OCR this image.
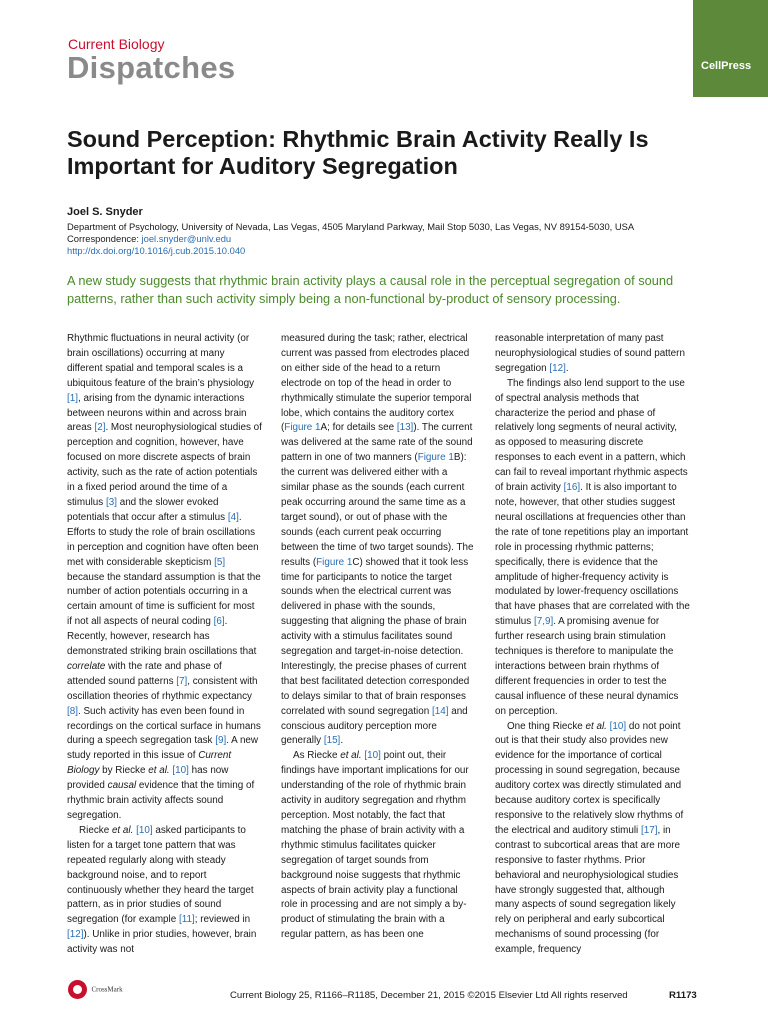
Current Biology
Dispatches	CellPress
Sound Perception: Rhythmic Brain Activity Really Is Important for Auditory Segregation
Joel S. Snyder
Department of Psychology, University of Nevada, Las Vegas, 4505 Maryland Parkway, Mail Stop 5030, Las Vegas, NV 89154-5030, USA
Correspondence: joel.snyder@unlv.edu
http://dx.doi.org/10.1016/j.cub.2015.10.040
A new study suggests that rhythmic brain activity plays a causal role in the perceptual segregation of sound patterns, rather than such activity simply being a non-functional by-product of sensory processing.

Rhythmic fluctuations in neural activity (or brain oscillations) occurring at many different spatial and temporal scales is a ubiquitous feature of the brain’s physiology [1], arising from the dynamic interactions between neurons within and across brain areas [2]. Most neurophysiological studies of perception and cognition, however, have focused on more discrete aspects of brain activity, such as the rate of action potentials in a fixed period around the time of a stimulus [3] and the slower evoked potentials that occur after a stimulus [4]. Efforts to study the role of brain oscillations in perception and cognition have often been met with considerable skepticism [5] because the standard assumption is that the number of action potentials occurring in a certain amount of time is sufficient for most if not all aspects of neural coding [6]. Recently, however, research has demonstrated striking brain oscillations that correlate with the rate and phase of attended sound patterns [7], consistent with oscillation theories of rhythmic expectancy [8]. Such activity has even been found in recordings on the cortical surface in humans during a speech segregation task [9]. A new study reported in this issue of Current Biology by Riecke et al. [10] has now provided causal evidence that the timing of rhythmic brain activity affects sound segregation.

Riecke et al. [10] asked participants to listen for a target tone pattern that was repeated regularly along with steady background noise, and to report continuously whether they heard the target pattern, as in prior studies of sound segregation (for example [11]; reviewed in [12]). Unlike in prior studies, however, brain activity was not

measured during the task; rather, electrical current was passed from electrodes placed on either side of the head to a return electrode on top of the head in order to rhythmically stimulate the superior temporal lobe, which contains the auditory cortex (Figure 1A; for details see [13]). The current was delivered at the same rate of the sound pattern in one of two manners (Figure 1B): the current was delivered either with a similar phase as the sounds (each current peak occurring around the same time as a target sound), or out of phase with the sounds (each current peak occurring between the time of two target sounds). The results (Figure 1C) showed that it took less time for participants to notice the target sounds when the electrical current was delivered in phase with the sounds, suggesting that aligning the phase of brain activity with a stimulus facilitates sound segregation and target-in-noise detection. Interestingly, the precise phases of current that best facilitated detection corresponded to delays similar to that of brain responses correlated with sound segregation [14] and conscious auditory perception more generally [15].

As Riecke et al. [10] point out, their findings have important implications for our understanding of the role of rhythmic brain activity in auditory segregation and rhythm perception. Most notably, the fact that matching the phase of brain activity with a rhythmic stimulus facilitates quicker segregation of target sounds from background noise suggests that rhythmic aspects of brain activity play a functional role in processing and are not simply a by-product of stimulating the brain with a regular pattern, as has been one

reasonable interpretation of many past neurophysiological studies of sound pattern segregation [12].

The findings also lend support to the use of spectral analysis methods that characterize the period and phase of relatively long segments of neural activity, as opposed to measuring discrete responses to each event in a pattern, which can fail to reveal important rhythmic aspects of brain activity [16]. It is also important to note, however, that other studies suggest neural oscillations at frequencies other than the rate of tone repetitions play an important role in processing rhythmic patterns; specifically, there is evidence that the amplitude of higher-frequency activity is modulated by lower-frequency oscillations that have phases that are correlated with the stimulus [7,9]. A promising avenue for further research using brain stimulation techniques is therefore to manipulate the interactions between brain rhythms of different frequencies in order to test the causal influence of these neural dynamics on perception.

One thing Riecke et al. [10] do not point out is that their study also provides new evidence for the importance of cortical processing in sound segregation, because auditory cortex was directly stimulated and because auditory cortex is specifically responsive to the relatively slow rhythms of the electrical and auditory stimuli [17], in contrast to subcortical areas that are more responsive to faster rhythms. Prior behavioral and neurophysiological studies have strongly suggested that, although many aspects of sound segregation likely rely on peripheral and early subcortical mechanisms of sound processing (for example, frequency

CrossMark
Current Biology 25, R1166–R1185, December 21, 2015 ©2015 Elsevier Ltd All rights reserved	R1173
